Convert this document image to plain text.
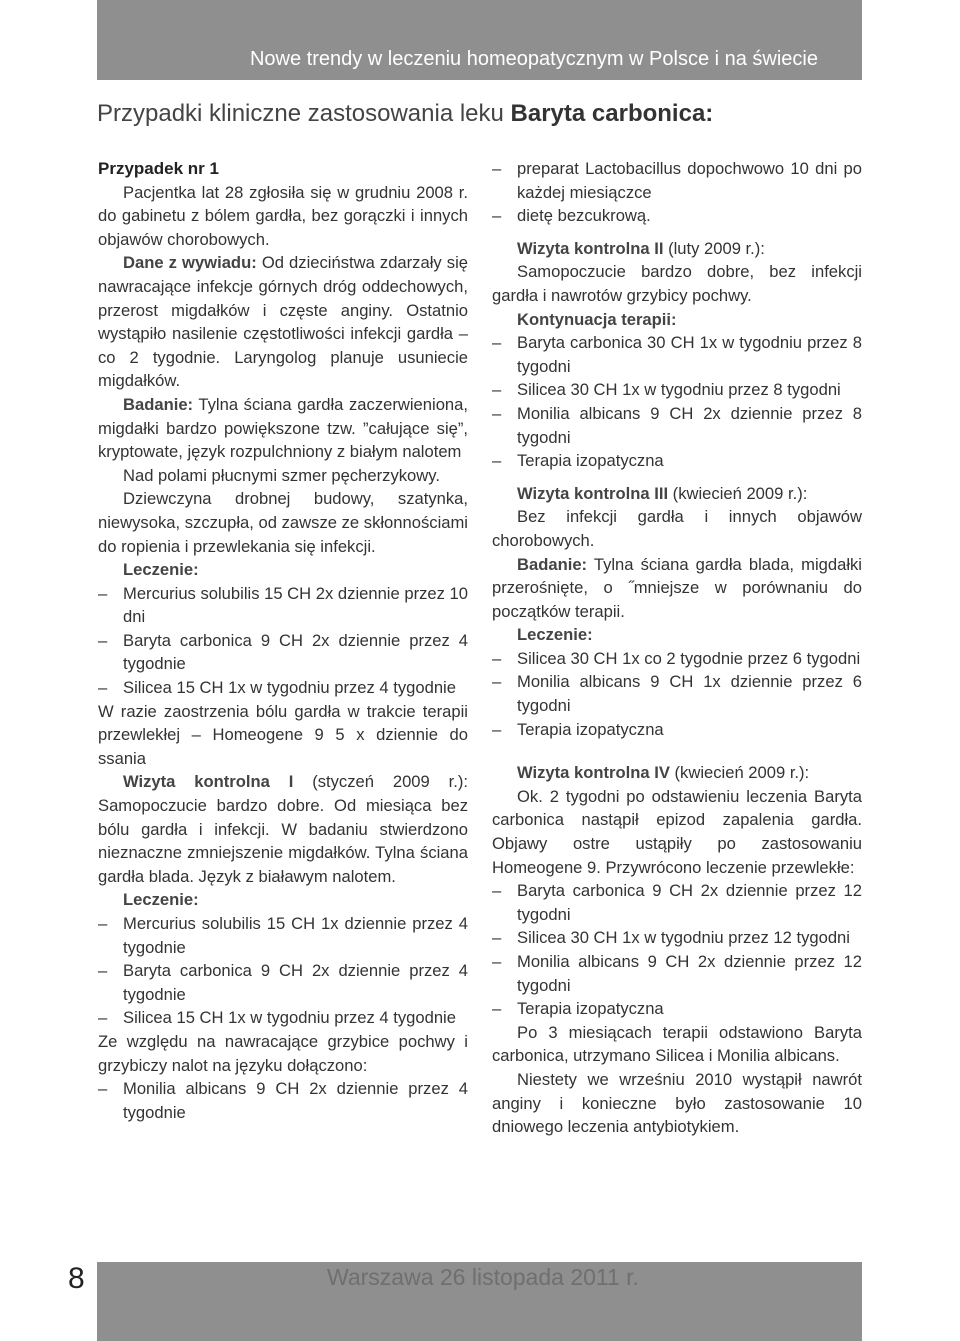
Nowe trendy w leczeniu homeopatycznym w Polsce i na świecie
Przypadki kliniczne zastosowania leku Baryta carbonica:

Przypadek nr 1

Pacjentka lat 28 zgłosiła się w grudniu 2008 r. do gabinetu z bólem gardła, bez gorączki i innych objawów chorobowych.

Dane z wywiadu: Od dzieciństwa zdarzały się nawracające infekcje górnych dróg oddechowych, przerost migdałków i częste anginy. Ostatnio wystąpiło nasilenie częstotliwości infekcji gardła – co 2 tygodnie. Laryngolog planuje usuniecie migdałków.

Badanie: Tylna ściana gardła zaczerwieniona, migdałki bardzo powiększone tzw. ”całujące się”, kryptowate, język rozpulchniony z białym nalotem

Nad polami płucnymi szmer pęcherzykowy.

Dziewczyna drobnej budowy, szatynka, niewysoka, szczupła, od zawsze ze skłonnościami do ropienia i przewlekania się infekcji.

Leczenie:

– Mercurius solubilis 15 CH 2x dziennie przez 10 dni

– Baryta carbonica 9 CH 2x dziennie przez 4 tygodnie

– Silicea 15 CH 1x w tygodniu przez 4 tygodnie

W razie zaostrzenia bólu gardła w trakcie terapii przewlekłej – Homeogene 9 5 x dziennie do ssania

Wizyta kontrolna I (styczeń 2009 r.): Samopoczucie bardzo dobre. Od miesiąca bez bólu gardła i infekcji. W badaniu stwierdzono nieznaczne zmniejszenie migdałków. Tylna ściana gardła blada. Język z białawym nalotem.

Leczenie:

– Mercurius solubilis 15 CH 1x dziennie przez 4 tygodnie

– Baryta carbonica 9 CH 2x dziennie przez 4 tygodnie

– Silicea 15 CH 1x w tygodniu przez 4 tygodnie

Ze względu na nawracające grzybice pochwy i grzybiczy nalot na języku dołączono:

– Monilia albicans 9 CH 2x dziennie przez 4 tygodnie

– preparat Lactobacillus dopochwowo 10 dni po każdej miesiączce

– dietę bezcukrową.

Wizyta kontrolna II (luty 2009 r.):

Samopoczucie bardzo dobre, bez infekcji gardła i nawrotów grzybicy pochwy.

Kontynuacja terapii:

– Baryta carbonica 30 CH 1x w tygodniu przez 8 tygodni

– Silicea 30 CH 1x w tygodniu przez 8 tygodni

– Monilia albicans 9 CH 2x dziennie przez 8 tygodni

– Terapia izopatyczna

Wizyta kontrolna III (kwiecień 2009 r.):

Bez infekcji gardła i innych objawów chorobowych.

Badanie: Tylna ściana gardła blada, migdałki przerośnięte, o ˝mniejsze w porównaniu do początków terapii.

Leczenie:

– Silicea 30 CH 1x co 2 tygodnie przez 6 tygodni

– Monilia albicans 9 CH 1x dziennie przez 6 tygodni

– Terapia izopatyczna

Wizyta kontrolna IV (kwiecień 2009 r.):

Ok. 2 tygodni po odstawieniu leczenia Baryta carbonica nastąpił epizod zapalenia gardła. Objawy ostre ustąpiły po zastosowaniu Homeogene 9. Przywrócono leczenie przewlekłe:

– Baryta carbonica 9 CH 2x dziennie przez 12 tygodni

– Silicea 30 CH 1x w tygodniu przez 12 tygodni

– Monilia albicans 9 CH 2x dziennie przez 12 tygodni

– Terapia izopatyczna

Po 3 miesiącach terapii odstawiono Baryta carbonica, utrzymano Silicea i Monilia albicans.

Niestety we wrześniu 2010 wystąpił nawrót anginy i konieczne było zastosowanie 10 dniowego leczenia antybiotykiem.

8	Warszawa 26 listopada 2011 r.
